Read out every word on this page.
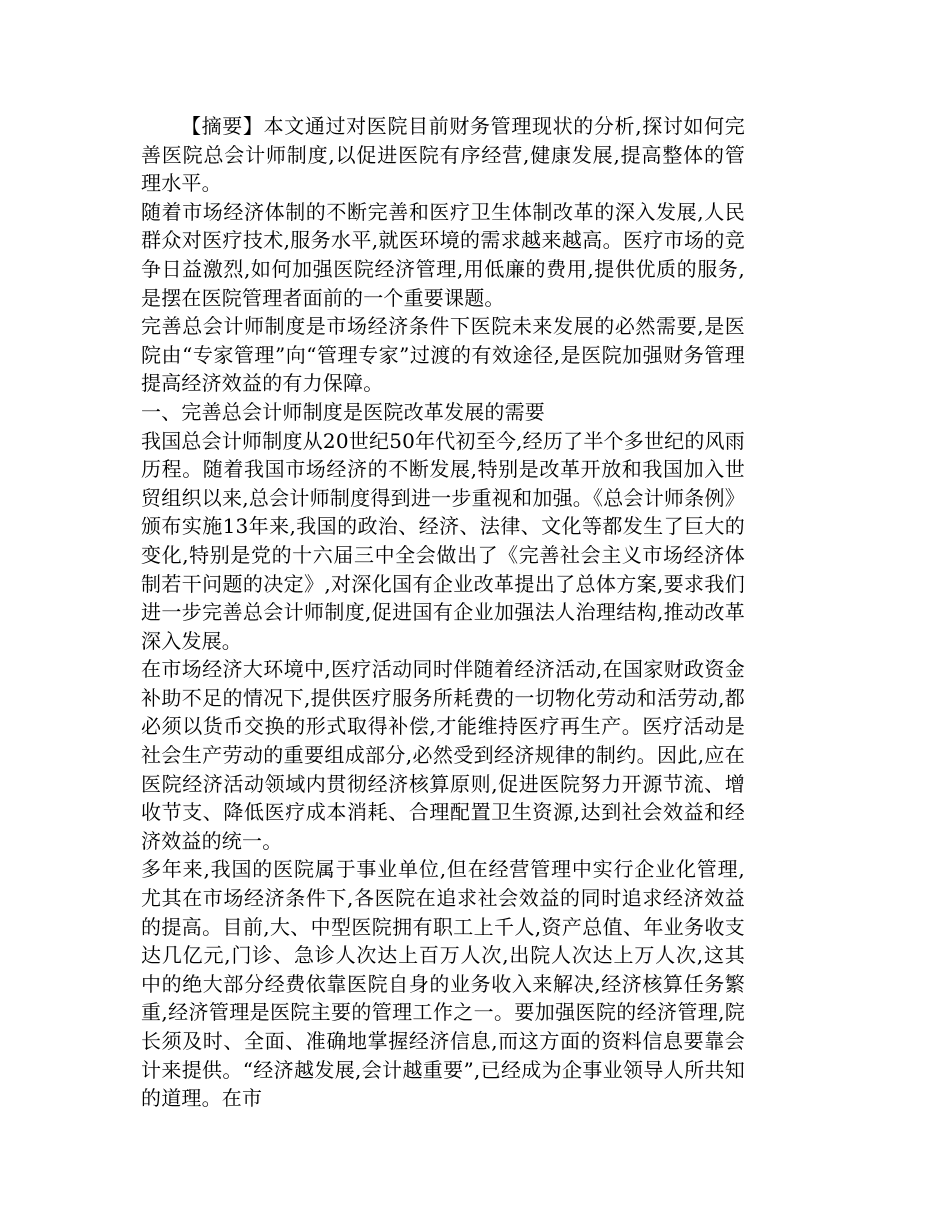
【摘要】本文通过对医院目前财务管理现状的分析,探讨如何完善医院总会计师制度,以促进医院有序经营,健康发展,提高整体的管理水平。

随着市场经济体制的不断完善和医疗卫生体制改革的深入发展,人民群众对医疗技术,服务水平,就医环境的需求越来越高。医疗市场的竞争日益激烈,如何加强医院经济管理,用低廉的费用,提供优质的服务,是摆在医院管理者面前的一个重要课题。

完善总会计师制度是市场经济条件下医院未来发展的必然需要,是医院由“专家管理”向“管理专家”过渡的有效途径,是医院加强财务管理提高经济效益的有力保障。

一、完善总会计师制度是医院改革发展的需要

我国总会计师制度从20世纪50年代初至今,经历了半个多世纪的风雨历程。随着我国市场经济的不断发展,特别是改革开放和我国加入世贸组织以来,总会计师制度得到进一步重视和加强。《总会计师条例》颁布实施13年来,我国的政治、经济、法律、文化等都发生了巨大的变化,特别是党的十六届三中全会做出了《完善社会主义市场经济体制若干问题的决定》,对深化国有企业改革提出了总体方案,要求我们进一步完善总会计师制度,促进国有企业加强法人治理结构,推动改革深入发展。

在市场经济大环境中,医疗活动同时伴随着经济活动,在国家财政资金补助不足的情况下,提供医疗服务所耗费的一切物化劳动和活劳动,都必须以货币交换的形式取得补偿,才能维持医疗再生产。医疗活动是社会生产劳动的重要组成部分,必然受到经济规律的制约。因此,应在医院经济活动领域内贯彻经济核算原则,促进医院努力开源节流、增收节支、降低医疗成本消耗、合理配置卫生资源,达到社会效益和经济效益的统一。

多年来,我国的医院属于事业单位,但在经营管理中实行企业化管理,尤其在市场经济条件下,各医院在追求社会效益的同时追求经济效益的提高。目前,大、中型医院拥有职工上千人,资产总值、年业务收支达几亿元,门诊、急诊人次达上百万人次,出院人次达上万人次,这其中的绝大部分经费依靠医院自身的业务收入来解决,经济核算任务繁重,经济管理是医院主要的管理工作之一。要加强医院的经济管理,院长须及时、全面、准确地掌握经济信息,而这方面的资料信息要靠会计来提供。“经济越发展,会计越重要”,已经成为企事业领导人所共知的道理。在市
